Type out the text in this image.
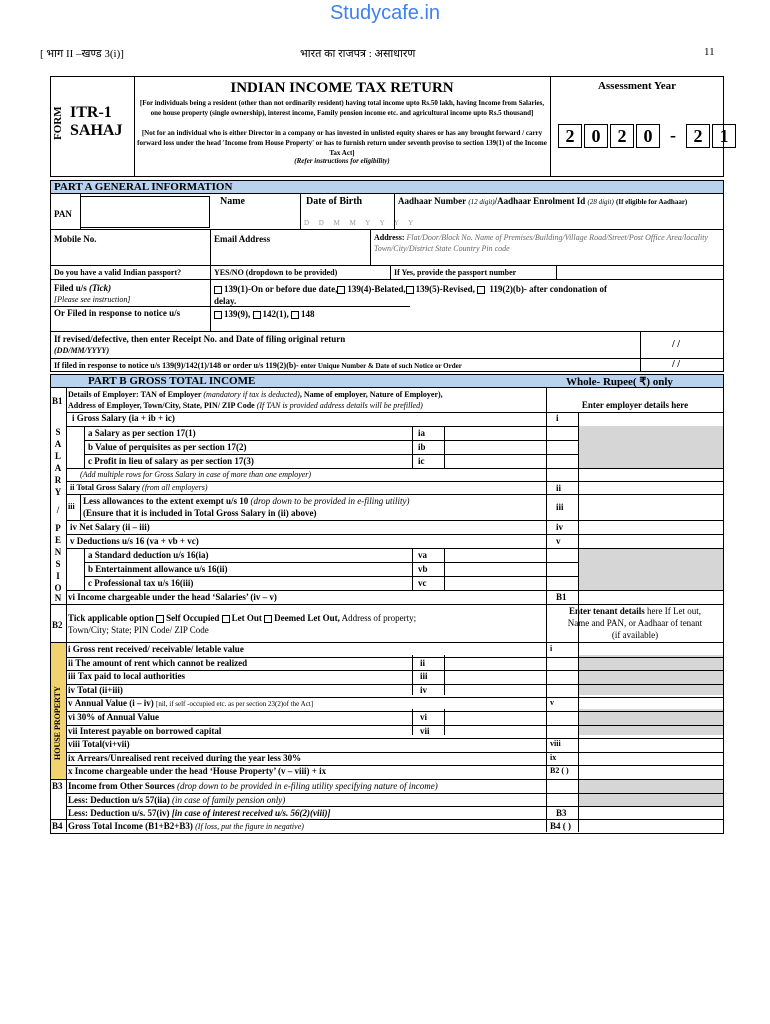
Studycafe.in
[ भाग II –खण्ड 3(i)]	भारत का राजपत्र : असाधारण	11
FORM ITR-1
SAHAJ
INDIAN INCOME TAX RETURN
[For individuals being a resident (other than not ordinarily resident) having total income upto Rs.50 lakh, having Income from Salaries, one house property (single ownership), interest income, Family pension income etc. and agricultural income upto Rs.5 thousand]
[Not for an individual who is either Director in a company or has invested in unlisted equity shares or has any brought forward / carry forward loss under the head 'Income from House Property' or has to furnish return under seventh proviso to section 139(1) of the Income Tax Act]
(Refer instructions for eligibility)
Assessment Year
2 0 2 0 - 2 1
PART A GENERAL INFORMATION
PAN
Name	Date of Birth
D D M M Y Y Y Y
Aadhaar Number (12 digit)/Aadhaar Enrolment Id (28 digit) (If eligible for Aadhaar)
Mobile No.	Email Address	Address: Flat/Door/Block No. Name of Premises/Building/Village Road/Street/Post Office Area/locality Town/City/District State Country Pin code
Do you have a valid Indian passport?	YES/NO (dropdown to be provided)	If Yes, provide the passport number
Filed u/s (Tick)
[Please see instruction]
139(1)-On or before due date, 139(4)-Belated, 139(5)-Revised, 119(2)(b)- after condonation of delay.
Or Filed in response to notice u/s	139(9), 142(1), 148
If revised/defective, then enter Receipt No. and Date of filing original return
(DD/MM/YYYY)
/ /
If filed in response to notice u/s 139(9)/142(1)/148 or order u/s 119(2)(b)- enter Unique Number & Date of such Notice or Order	/ /
PART B GROSS TOTAL INCOME	Whole- Rupee( ₹) only
B1
Details of Employer: TAN of Employer (mandatory if tax is deducted), Name of employer, Nature of Employer),
Address of Employer, Town/City, State, PIN/ ZIP Code (If TAN is provided address details will be prefilled)	Enter employer details here
S
A
L
A
R
Y
/
P
E
N
S
I
O
N
i Gross Salary (ia + ib + ic)	i
a Salary as per section 17(1)	ia
b Value of perquisites as per section 17(2)	ib
c Profit in lieu of salary as per section 17(3)	ic
(Add multiple rows for Gross Salary in case of more than one employer)
ii Total Gross Salary (from all employers)	ii
iii
Less allowances to the extent exempt u/s 10 (drop down to be provided in e-filing utility)
(Ensure that it is included in Total Gross Salary in (ii) above)
iii
iv Net Salary (ii – iii)	iv
v Deductions u/s 16 (va + vb + vc)	v
a Standard deduction u/s 16(ia)	va
b Entertainment allowance u/s 16(ii)	vb
c Professional tax u/s 16(iii)	vc
vi Income chargeable under the head ‘Salaries’ (iv – v)	B1
B2
Tick applicable option Self Occupied Let Out Deemed Let Out, Address of property;
Town/City; State; PIN Code/ ZIP Code
Enter tenant details here If Let out,
Name and PAN, or Aadhaar of tenant
(if available)
HOUSE PROPERTY
i Gross rent received/ receivable/ letable value	i
ii The amount of rent which cannot be realized	ii
iii Tax paid to local authorities	iii
iv Total (ii+iii)	iv
v Annual Value (i – iv) [nil, if self -occupied etc. as per section 23(2)of the Act]	v
vi 30% of Annual Value	vi
vii Interest payable on borrowed capital	vii
viii Total(vi+vii)	viii
ix Arrears/Unrealised rent received during the year less 30%	ix
x Income chargeable under the head ‘House Property’ (v – viii) + ix	B2 ( )
B3 Income from Other Sources (drop down to be provided in e-filing utility specifying nature of income)
Less: Deduction u/s 57(iia) (in case of family pension only)
Less: Deduction u/s. 57(iv) [in case of interest received u/s. 56(2)(viii)]	B3
B4 Gross Total Income (B1+B2+B3) (If loss, put the figure in negative)	B4 ( )
